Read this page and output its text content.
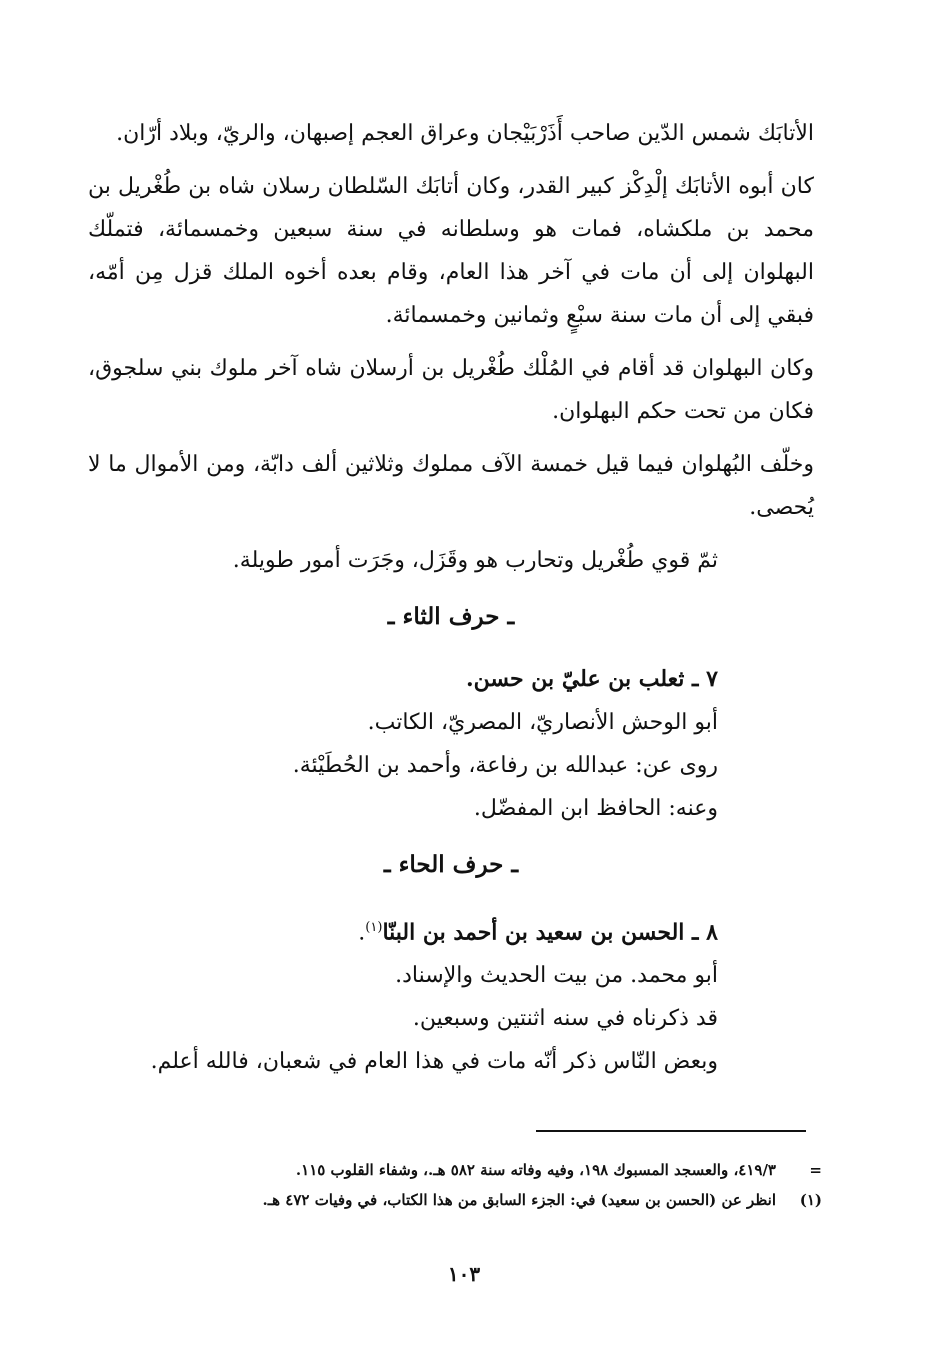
الأتابَك شمس الدّين صاحب أَذَرْبَيْجان وعراق العجم إصبهان، والريّ، وبلاد أرّان.

كان أبوه الأتابَك إلْدِكْز كبير القدر، وكان أتابَك السّلطان رسلان شاه بن طُغْريل بن محمد بن ملكشاه، فمات هو وسلطانه في سنة سبعين وخمسمائة، فتملّك البهلوان إلى أن مات في آخر هذا العام، وقام بعده أخوه الملك قزل مِن أمّه، فبقي إلى أن مات سنة سبْعٍ وثمانين وخمسمائة.

وكان البهلوان قد أقام في المُلْك طُغْريل بن أرسلان شاه آخر ملوك بني سلجوق، فكان من تحت حكم البهلوان.

وخلّف البُهلوان فيما قيل خمسة الآف مملوك وثلاثين ألف دابّة، ومن الأموال ما لا يُحصى.

ثمّ قوي طُغْريل وتحارب هو وقَزَل، وجَرَت أمور طويلة.

ـ حرف الثاء ـ

٧ ـ ثعلب بن عليّ بن حسن.

أبو الوحش الأنصاريّ، المصريّ، الكاتب.

روى عن: عبدالله بن رفاعة، وأحمد بن الحُطَيْئة.

وعنه: الحافظ ابن المفضّل.

ـ حرف الحاء ـ

٨ ـ الحسن بن سعيد بن أحمد بن البنّا$^{(١)}$.

أبو محمد. من بيت الحديث والإسناد.

قد ذكرناه في سنه اثنتين وسبعين.

وبعض النّاس ذكر أنّه مات في هذا العام في شعبان، فالله أعلم.

=
٤١٩/٣، والعسجد المسبوك ١٩٨، وفيه وفاته سنة ٥٨٢ هـ.، وشفاء القلوب ١١٥.
(١)
انظر عن (الحسن بن سعيد) في: الجزء السابق من هذا الكتاب، في وفيات ٤٧٢ هـ.
١٠٣
